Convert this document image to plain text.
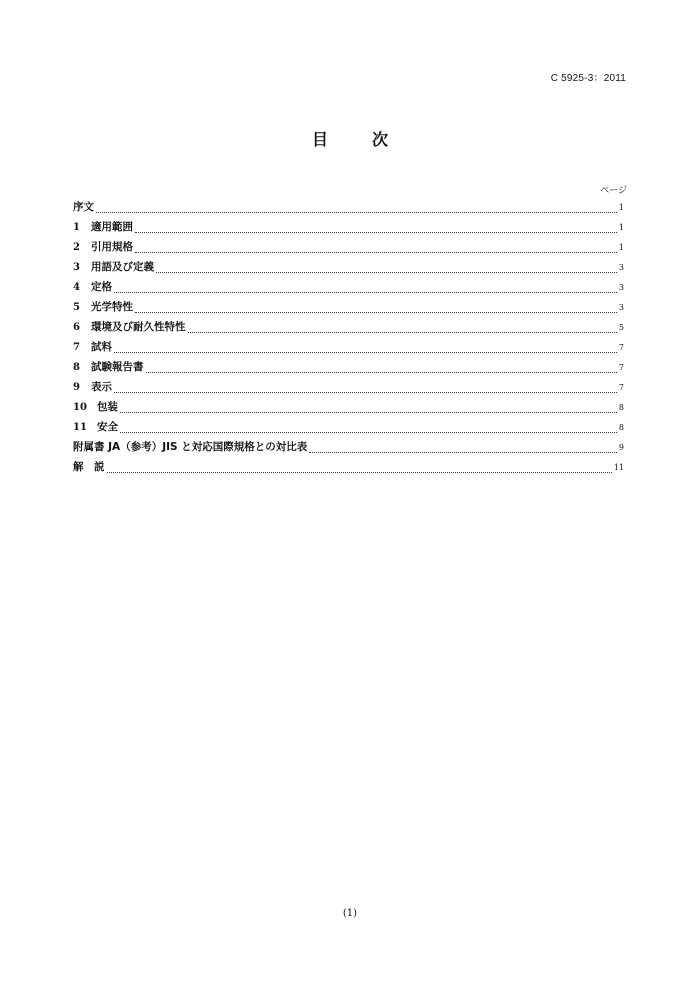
C 5925-3：2011
目　次
ページ
序文	1
1	適用範囲	1
2	引用規格	1
3	用語及び定義	3
4	定格	3
5	光学特性	3
6	環境及び耐久性特性	5
7	試料	7
8	試験報告書	7
9	表示	7
10 包装	8
11 安全	8
附属書 JA（参考）JIS と対応国際規格との対比表	9
解　説	11
(1)
